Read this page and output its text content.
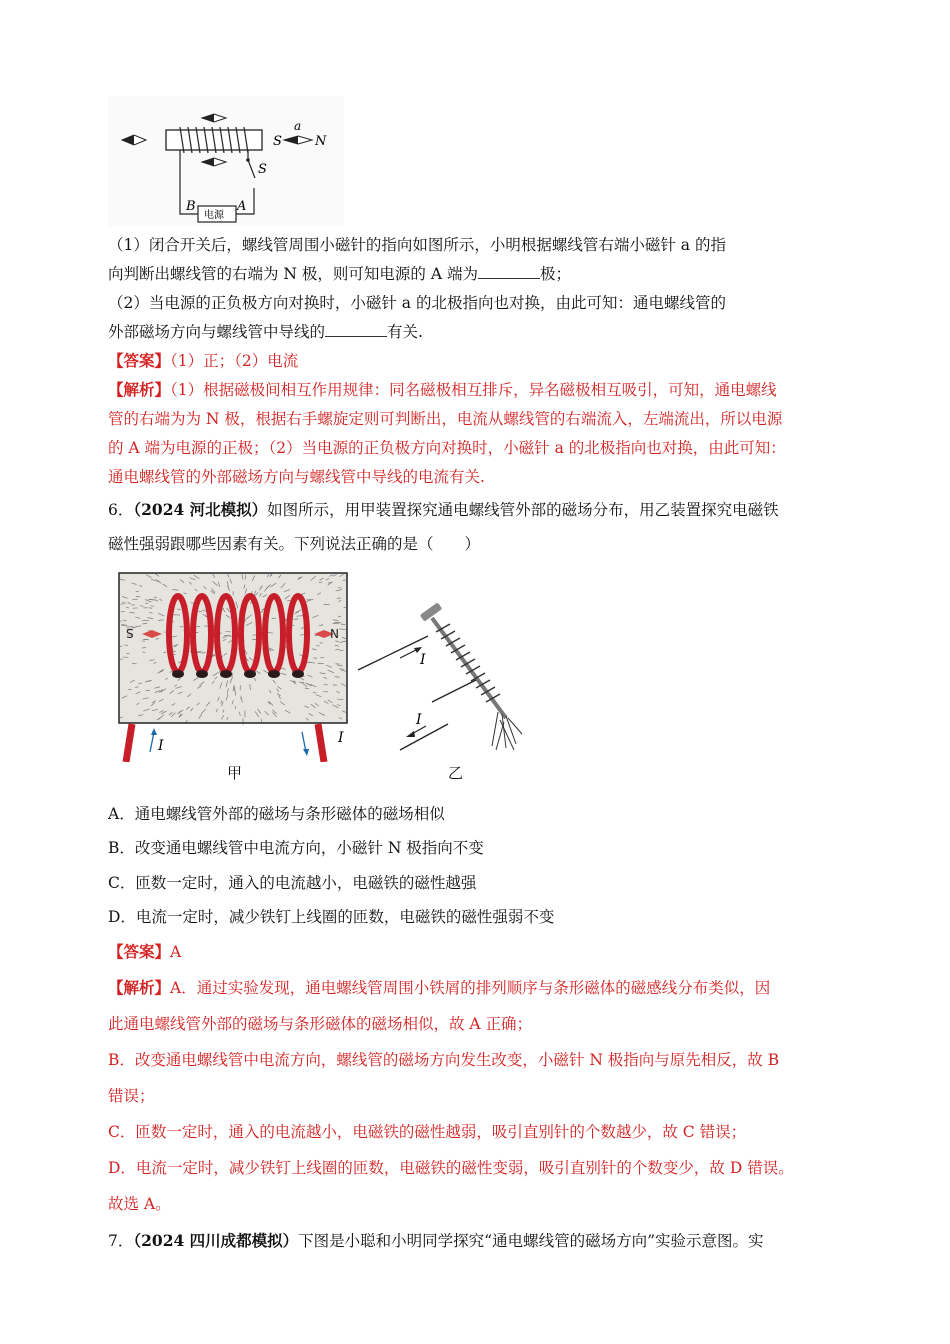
S
a
N
S
电源
B	A
（1）闭合开关后，螺线管周围小磁针的指向如图所示，小明根据螺线管右端小磁针 a 的指
向判断出螺线管的右端为 N 极，则可知电源的 A 端为	极；
（2）当电源的正负极方向对换时，小磁针 a 的北极指向也对换，由此可知：通电螺线管的
外部磁场方向与螺线管中导线的	有关.
【答案】（1）正；（2）电流
【解析】（1）根据磁极间相互作用规律：同名磁极相互排斥，异名磁极相互吸引，可知，通电螺线
管的右端为为 N 极，根据右手螺旋定则可判断出，电流从螺线管的右端流入，左端流出，所以电源
的 A 端为电源的正极；（2）当电源的正负极方向对换时，小磁针 a 的北极指向也对换，由此可知：
通电螺线管的外部磁场方向与螺线管中导线的电流有关.
6．（2024 河北模拟）如图所示，用甲装置探究通电螺线管外部的磁场分布，用乙装置探究电磁铁
磁性强弱跟哪些因素有关。下列说法正确的是（　　）
S	N
I	I
甲
I
I
乙
A．通电螺线管外部的磁场与条形磁体的磁场相似
B．改变通电螺线管中电流方向，小磁针 N 极指向不变
C．匝数一定时，通入的电流越小，电磁铁的磁性越强
D．电流一定时，减少铁钉上线圈的匝数，电磁铁的磁性强弱不变
【答案】A
【解析】A．通过实验发现，通电螺线管周围小铁屑的排列顺序与条形磁体的磁感线分布类似，因
此通电螺线管外部的磁场与条形磁体的磁场相似，故 A 正确；
B．改变通电螺线管中电流方向，螺线管的磁场方向发生改变，小磁针 N 极指向与原先相反，故 B
错误；
C．匝数一定时，通入的电流越小，电磁铁的磁性越弱，吸引直别针的个数越少，故 C 错误；
D．电流一定时，减少铁钉上线圈的匝数，电磁铁的磁性变弱，吸引直别针的个数变少，故 D 错误。
故选 A。
7．（2024 四川成都模拟）下图是小聪和小明同学探究“通电螺线管的磁场方向”实验示意图。实
